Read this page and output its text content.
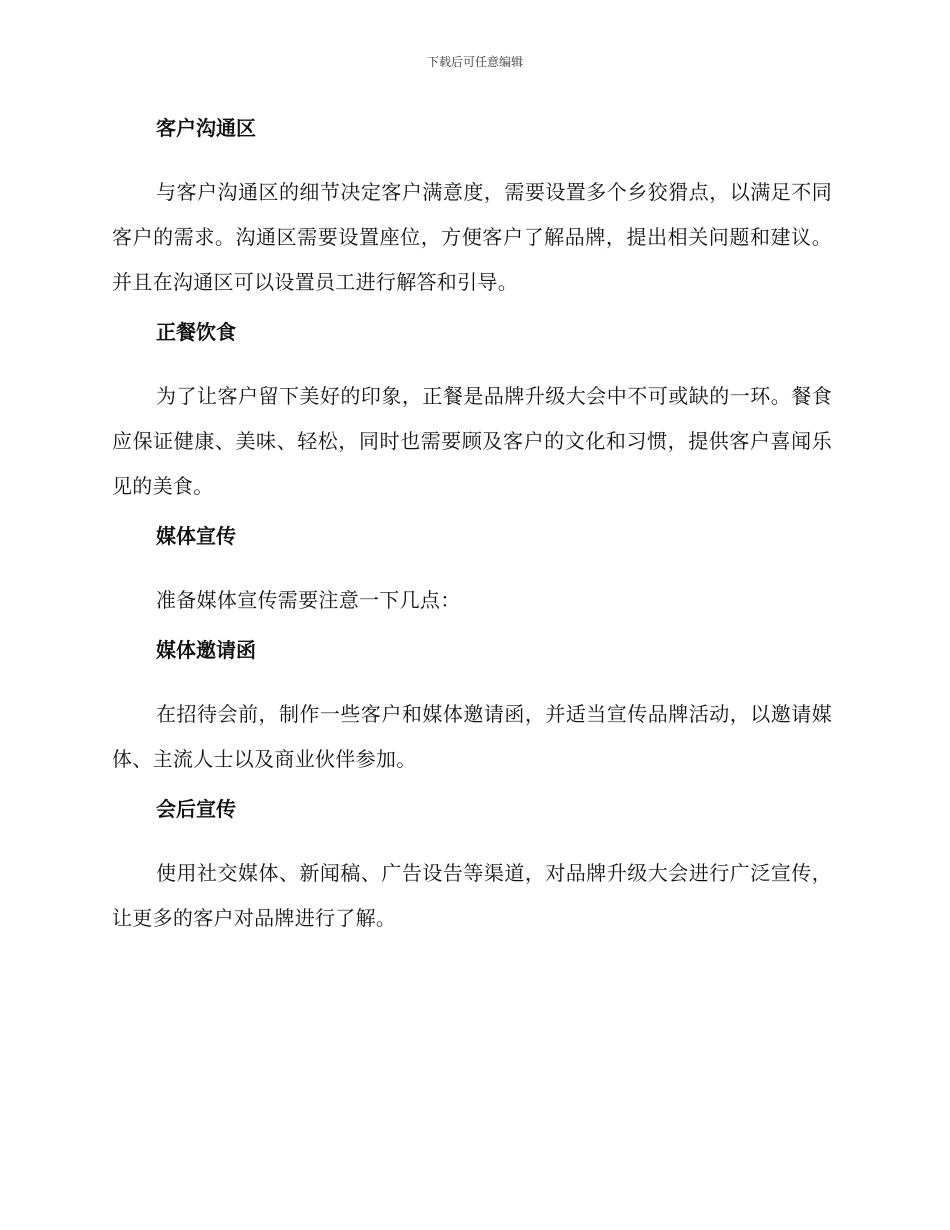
下载后可任意编辑
客户沟通区
与客户沟通区的细节决定客户满意度，需要设置多个乡狡猾点，以满足不同客户的需求。沟通区需要设置座位，方便客户了解品牌，提出相关问题和建议。并且在沟通区可以设置员工进行解答和引导。
正餐饮食
为了让客户留下美好的印象，正餐是品牌升级大会中不可或缺的一环。餐食应保证健康、美味、轻松，同时也需要顾及客户的文化和习惯，提供客户喜闻乐见的美食。
媒体宣传
准备媒体宣传需要注意一下几点：
媒体邀请函
在招待会前，制作一些客户和媒体邀请函，并适当宣传品牌活动，以邀请媒体、主流人士以及商业伙伴参加。
会后宣传
使用社交媒体、新闻稿、广告设告等渠道，对品牌升级大会进行广泛宣传，让更多的客户对品牌进行了解。
